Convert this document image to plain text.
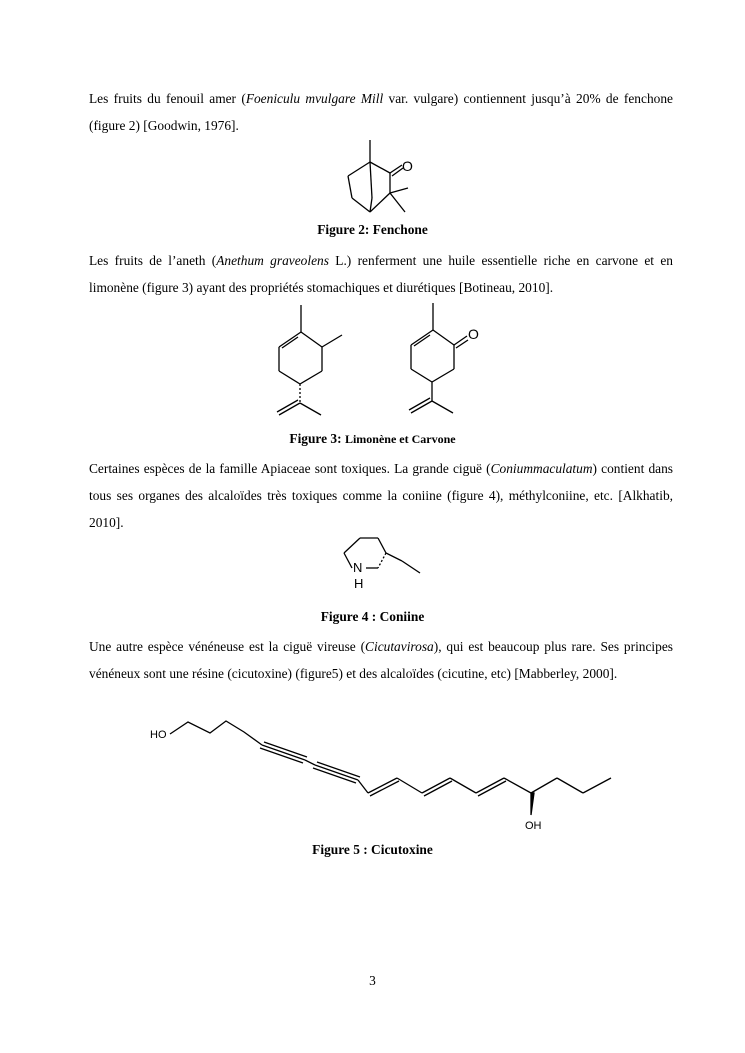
Les fruits du fenouil amer (Foeniculu mvulgare Mill var. vulgare) contiennent jusqu’à 20% de fenchone (figure 2) [Goodwin, 1976].

O

Figure 2: Fenchone

Les fruits de l’aneth (Anethum graveolens L.) renferment une huile essentielle riche en carvone et en limonène (figure 3) ayant des propriétés stomachiques et diurétiques [Botineau, 2010].

O

Figure 3: Limonène et Carvone

Certaines espèces de la famille Apiaceae sont toxiques. La grande ciguë (Coniummaculatum) contient dans tous ses organes des alcaloïdes très toxiques comme la coniine (figure 4), méthylconiine, etc. [Alkhatib, 2010].

N
H

Figure 4 : Coniine

Une autre espèce vénéneuse est la ciguë vireuse (Cicutavirosa), qui est beaucoup plus rare. Ses principes vénéneux sont une résine (cicutoxine) (figure5) et des alcaloïdes (cicutine, etc) [Mabberley, 2000].

HO
OH

Figure 5 : Cicutoxine

3
